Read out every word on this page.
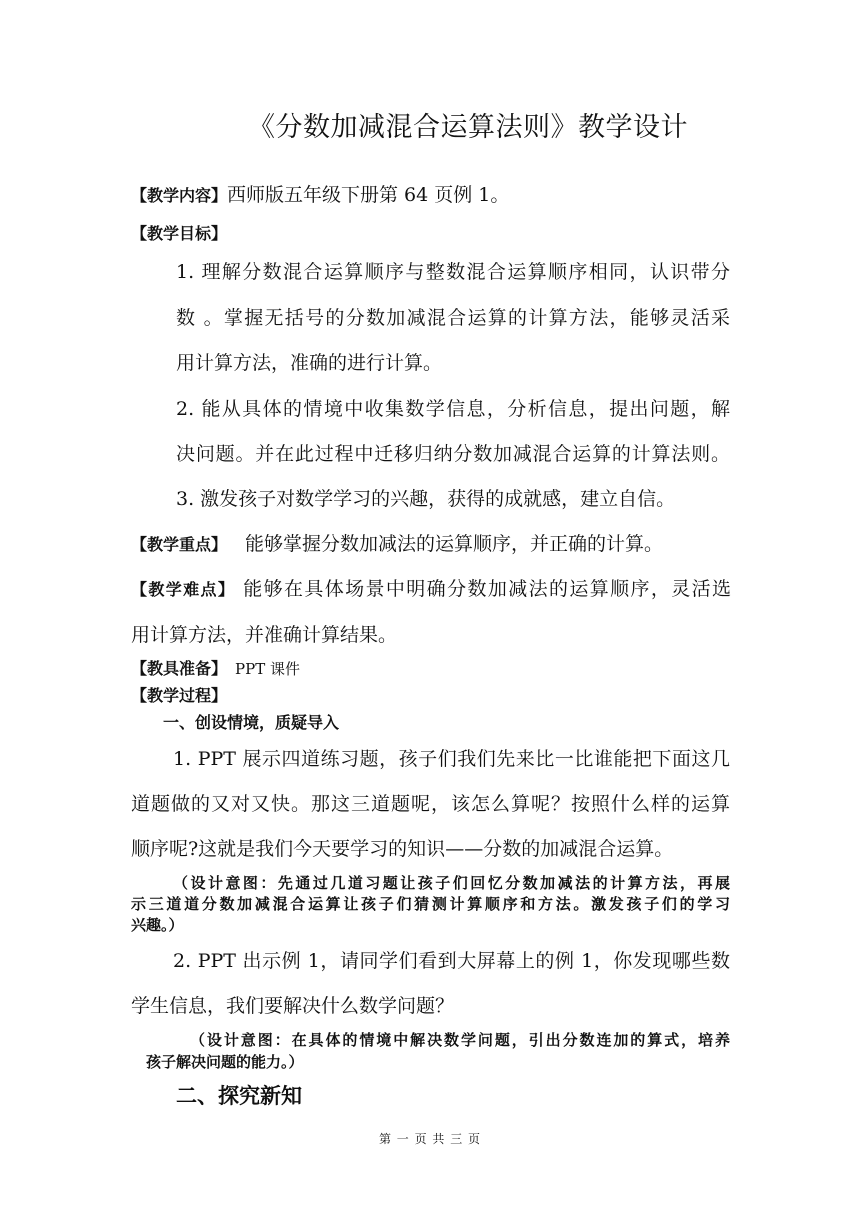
《分数加减混合运算法则》教学设计
【教学内容】西师版五年级下册第 64 页例 1。
【教学目标】
1. 理解分数混合运算顺序与整数混合运算顺序相同，认识带分
数 。掌握无括号的分数加减混合运算的计算方法，能够灵活采
用计算方法，准确的进行计算。
2. 能从具体的情境中收集数学信息，分析信息，提出问题，解
决问题。并在此过程中迁移归纳分数加减混合运算的计算法则。
3. 激发孩子对数学学习的兴趣，获得的成就感，建立自信。
【教学重点】 能够掌握分数加减法的运算顺序，并正确的计算。
【教学难点】 能够在具体场景中明确分数加减法的运算顺序，灵活选
用计算方法，并准确计算结果。
【教具准备】 PPT 课件
【教学过程】
一、创设情境，质疑导入
1. PPT 展示四道练习题，孩子们我们先来比一比谁能把下面这几
道题做的又对又快。那这三道题呢，该怎么算呢？按照什么样的运算
顺序呢?这就是我们今天要学习的知识——分数的加减混合运算。
（设计意图：先通过几道习题让孩子们回忆分数加减法的计算方法，再展
示三道道分数加减混合运算让孩子们猜测计算顺序和方法。激发孩子们的学习
兴趣。）
2. PPT 出示例 1，请同学们看到大屏幕上的例 1，你发现哪些数
学生信息，我们要解决什么数学问题？
（设计意图：在具体的情境中解决数学问题，引出分数连加的算式，培养
孩子解决问题的能力。）
二、探究新知
第 一 页 共 三 页
